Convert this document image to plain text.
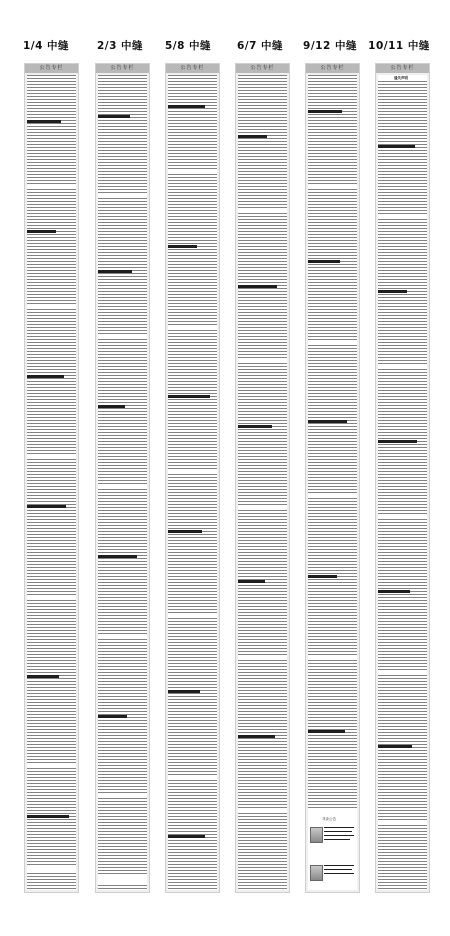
1/4 中缝	2/3 中缝	5/8 中缝	6/7 中缝	9/12 中缝	10/11 中缝
公告专栏	公告专栏	公告专栏	公告专栏	公告专栏
寻亲公告
公告专栏
遗失声明
